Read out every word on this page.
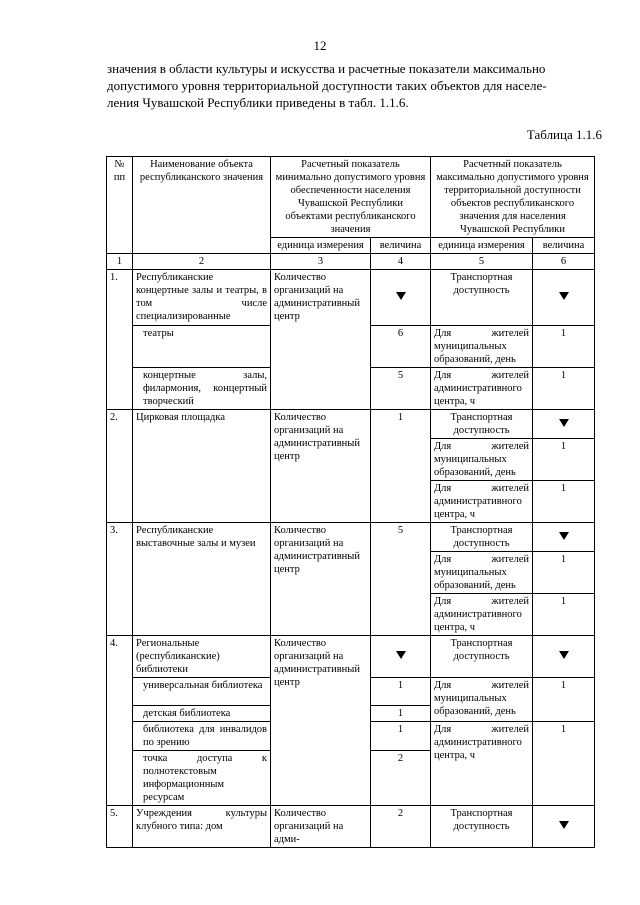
12
значения в области культуры и искусства и расчетные показатели максимально
допустимого уровня территориальной доступности таких объектов для населе-
ления Чувашской Республики приведены в табл. 1.1.6.
Таблица 1.1.6
№ пп	Наименование объекта республиканского значения	Расчетный показатель минимально допустимого уровня обеспеченности населения Чувашской Республики объектами республиканского значения		Расчетный показатель максимально допустимого уровня территориальной доступности объектов республиканского значения для населения Чувашской Республики	
		единица измерения	величина	единица измерения	величина
1	2	3	4	5	6
1.	Республиканские концертные залы и театры, в том числе специализированные	Количество организаций на административный центр		Транспортная доступность	
	театры		6	Для жителей муниципальных образований, день	1
	концертные залы, филармония, концертный творческий		5	Для жителей административного центра, ч	1
2.	Цирковая площадка	Количество организаций на административный центр	1	Транспортная доступность	
				Для жителей муниципальных образований, день	1
				Для жителей административного центра, ч	1
3.	Республиканские выставочные залы и музеи	Количество организаций на административный центр	5	Транспортная доступность	
				Для жителей муниципальных образований, день	1
				Для жителей административного центра, ч	1
4.	Региональные (республиканские) библиотеки	Количество организаций на административный центр		Транспортная доступность	
	универсальная библиотека		1	Для жителей муниципальных образований, день	1
	детская библиотека		1		
	библиотека для инвалидов по зрению		1	Для жителей административного центра, ч	1
	точка доступа к полнотекстовым информационным ресурсам		2		
5.	Учреждения культуры клубного типа: дом	Количество организаций на адми-	2	Транспортная доступность	
